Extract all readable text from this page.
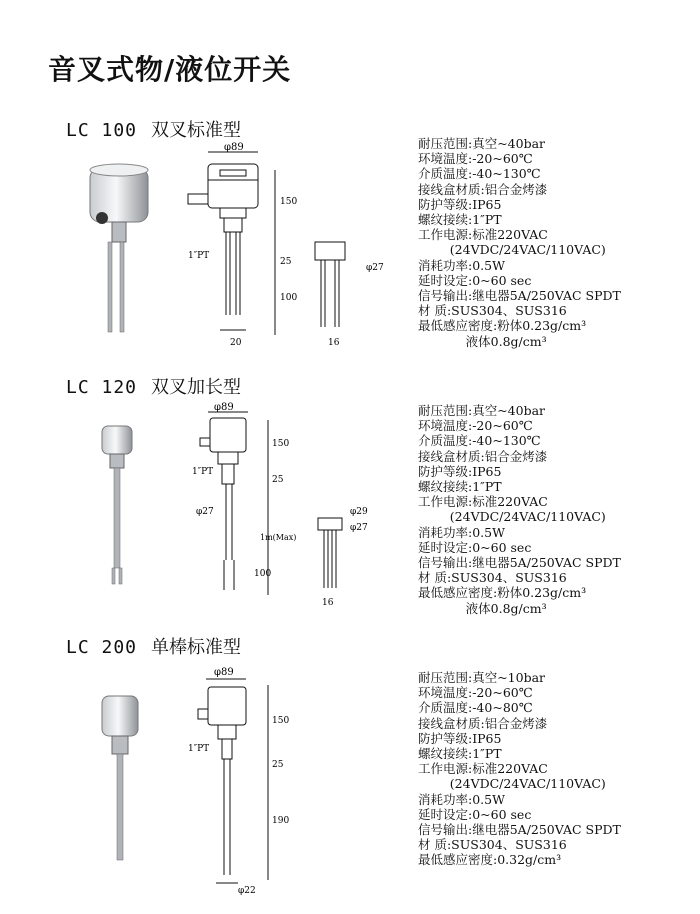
音叉式物/液位开关
LC 100 双叉标准型
耐压范围:真空~40bar
环境温度:-20~60℃
介质温度:-40~130℃
接线盒材质:铝合金烤漆
防护等级:IP65
螺纹接续:1″PT
工作电源:标准220VAC
(24VDC/24VAC/110VAC)
消耗功率:0.5W
延时设定:0~60 sec
信号输出:继电器5A/250VAC SPDT
材 质:SUS304、SUS316
最低感应密度:粉体0.23g/cm³
液体0.8g/cm³
φ89
150
25
100
1″PT
20
φ27
16
LC 120 双叉加长型
耐压范围:真空~40bar
环境温度:-20~60℃
介质温度:-40~130℃
接线盒材质:铝合金烤漆
防护等级:IP65
螺纹接续:1″PT
工作电源:标准220VAC
(24VDC/24VAC/110VAC)
消耗功率:0.5W
延时设定:0~60 sec
信号输出:继电器5A/250VAC SPDT
材 质:SUS304、SUS316
最低感应密度:粉体0.23g/cm³
液体0.8g/cm³
φ89
150
25
1m(Max)
100
1″PT
φ27	φ29
φ27
16
LC 200 单棒标准型
耐压范围:真空~10bar
环境温度:-20~60℃
介质温度:-40~80℃
接线盒材质:铝合金烤漆
防护等级:IP65
螺纹接续:1″PT
工作电源:标准220VAC
(24VDC/24VAC/110VAC)
消耗功率:0.5W
延时设定:0~60 sec
信号输出:继电器5A/250VAC SPDT
材 质:SUS304、SUS316
最低感应密度:0.32g/cm³
φ89
150
25
190
1″PT
φ22
